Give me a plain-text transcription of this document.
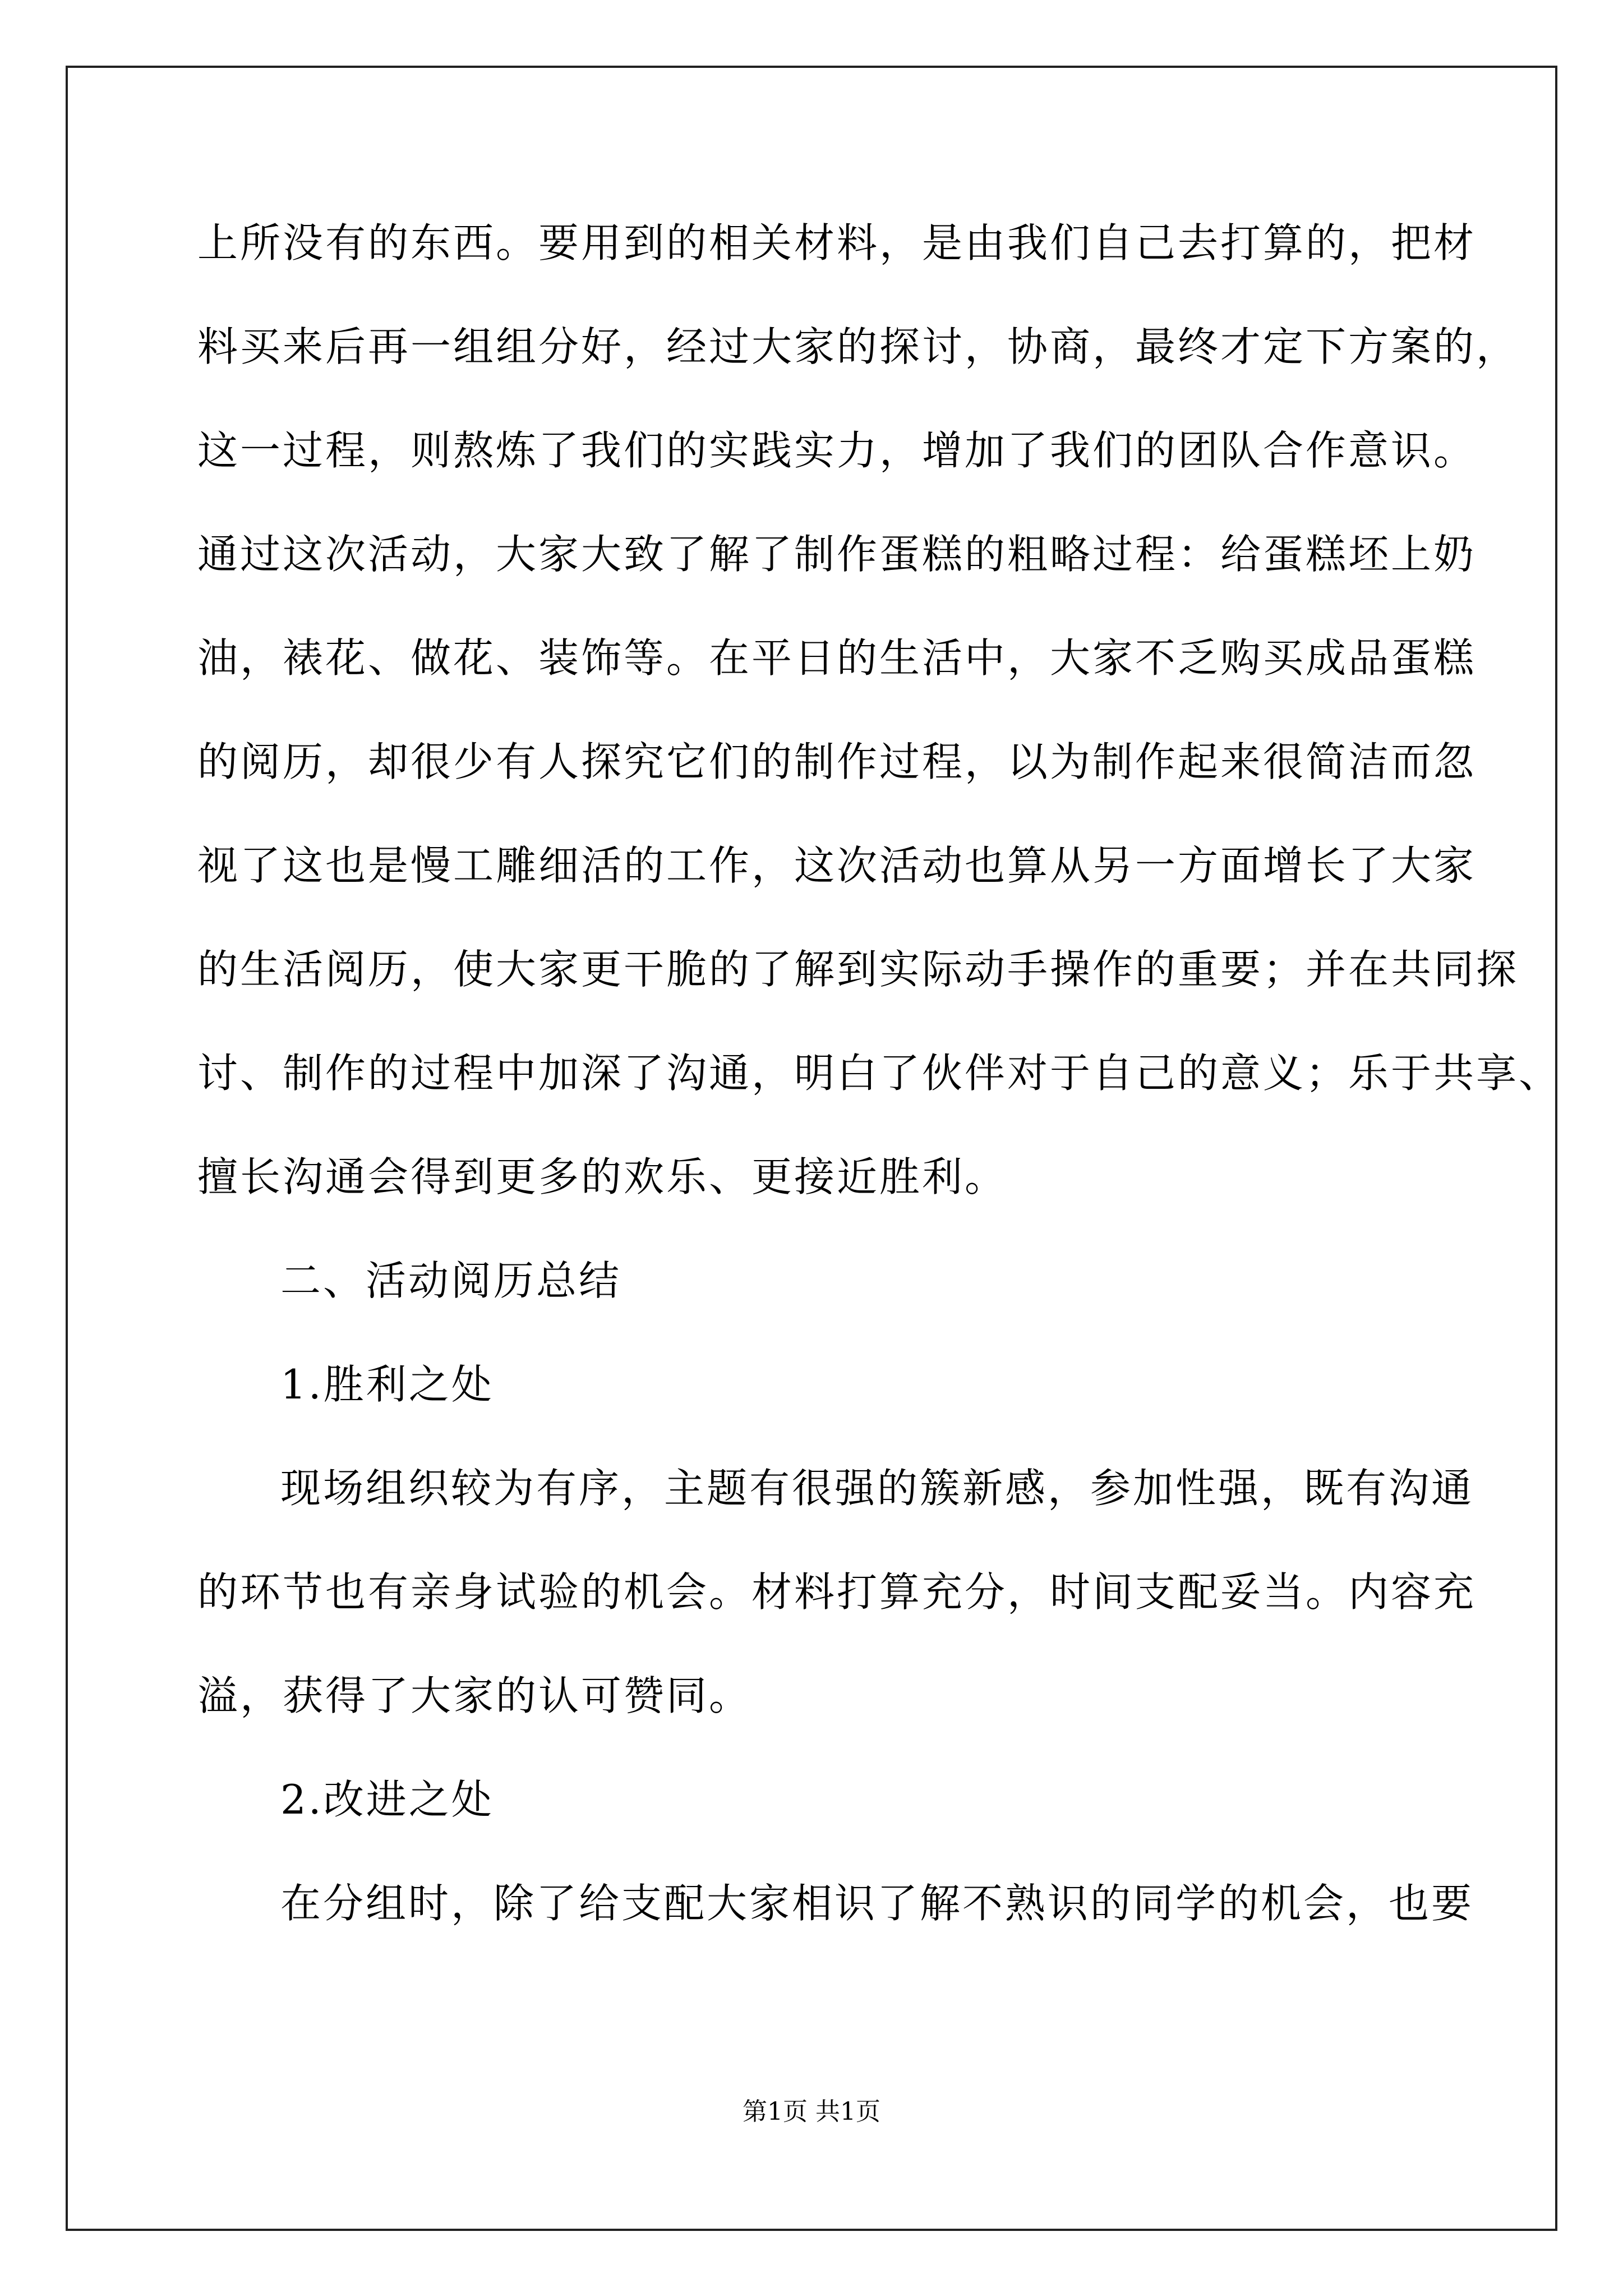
上所没有的东西。要用到的相关材料，是由我们自己去打算的，把材
料买来后再一组组分好，经过大家的探讨，协商，最终才定下方案的，
这一过程，则熬炼了我们的实践实力，增加了我们的团队合作意识。
通过这次活动，大家大致了解了制作蛋糕的粗略过程：给蛋糕坯上奶
油，裱花、做花、装饰等。在平日的生活中，大家不乏购买成品蛋糕
的阅历，却很少有人探究它们的制作过程，以为制作起来很简洁而忽
视了这也是慢工雕细活的工作，这次活动也算从另一方面增长了大家
的生活阅历，使大家更干脆的了解到实际动手操作的重要；并在共同探
讨、制作的过程中加深了沟通，明白了伙伴对于自己的意义；乐于共享、
擅长沟通会得到更多的欢乐、更接近胜利。
二、活动阅历总结
1.胜利之处
现场组织较为有序，主题有很强的簇新感，参加性强，既有沟通
的环节也有亲身试验的机会。材料打算充分，时间支配妥当。内容充
溢，获得了大家的认可赞同。
2.改进之处
在分组时，除了给支配大家相识了解不熟识的同学的机会，也要
第1页 共1页
